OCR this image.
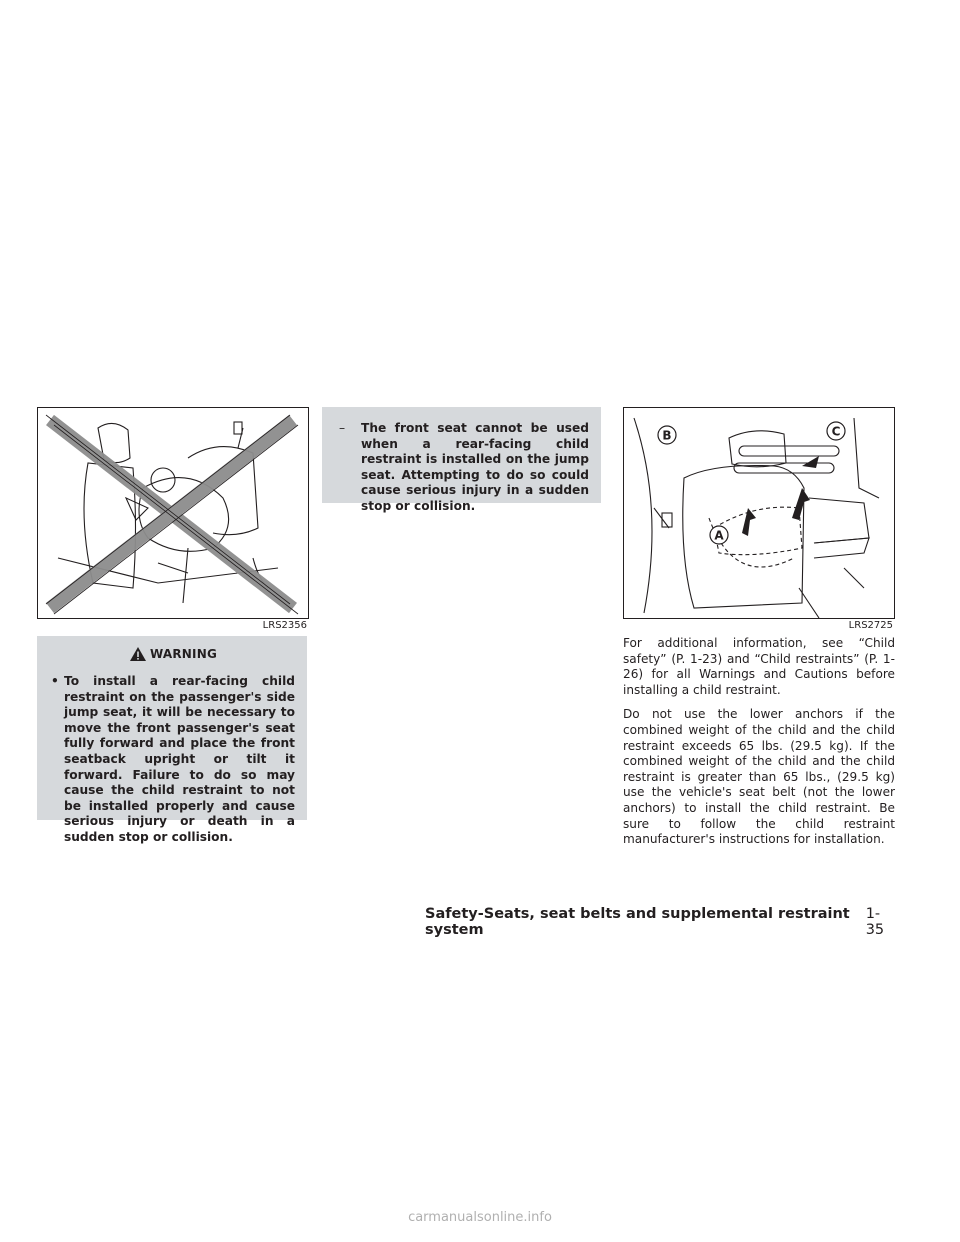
LRS2356
WARNING
• To install a rear-facing child restraint on the passenger's side jump seat, it will be necessary to move the front passenger's seat fully forward and place the front seatback upright or tilt it forward. Failure to do so may cause the child restraint to not be installed properly and cause serious injury or death in a sudden stop or collision.
– The front seat cannot be used when a rear-facing child restraint is installed on the jump seat. Attempting to do so could cause serious injury in a sudden stop or collision.
A
B	C
LRS2725

For additional information, see “Child safety” (P. 1-23) and “Child restraints” (P. 1-26) for all Warnings and Cautions before installing a child restraint.

Do not use the lower anchors if the combined weight of the child and the child restraint exceeds 65 lbs. (29.5 kg). If the combined weight of the child and the child restraint is greater than 65 lbs., (29.5 kg) use the vehicle's seat belt (not the lower anchors) to install the child restraint. Be sure to follow the child restraint manufacturer's instructions for installation.

Safety-Seats, seat belts and supplemental restraint system
1-35
carmanualsonline.info
